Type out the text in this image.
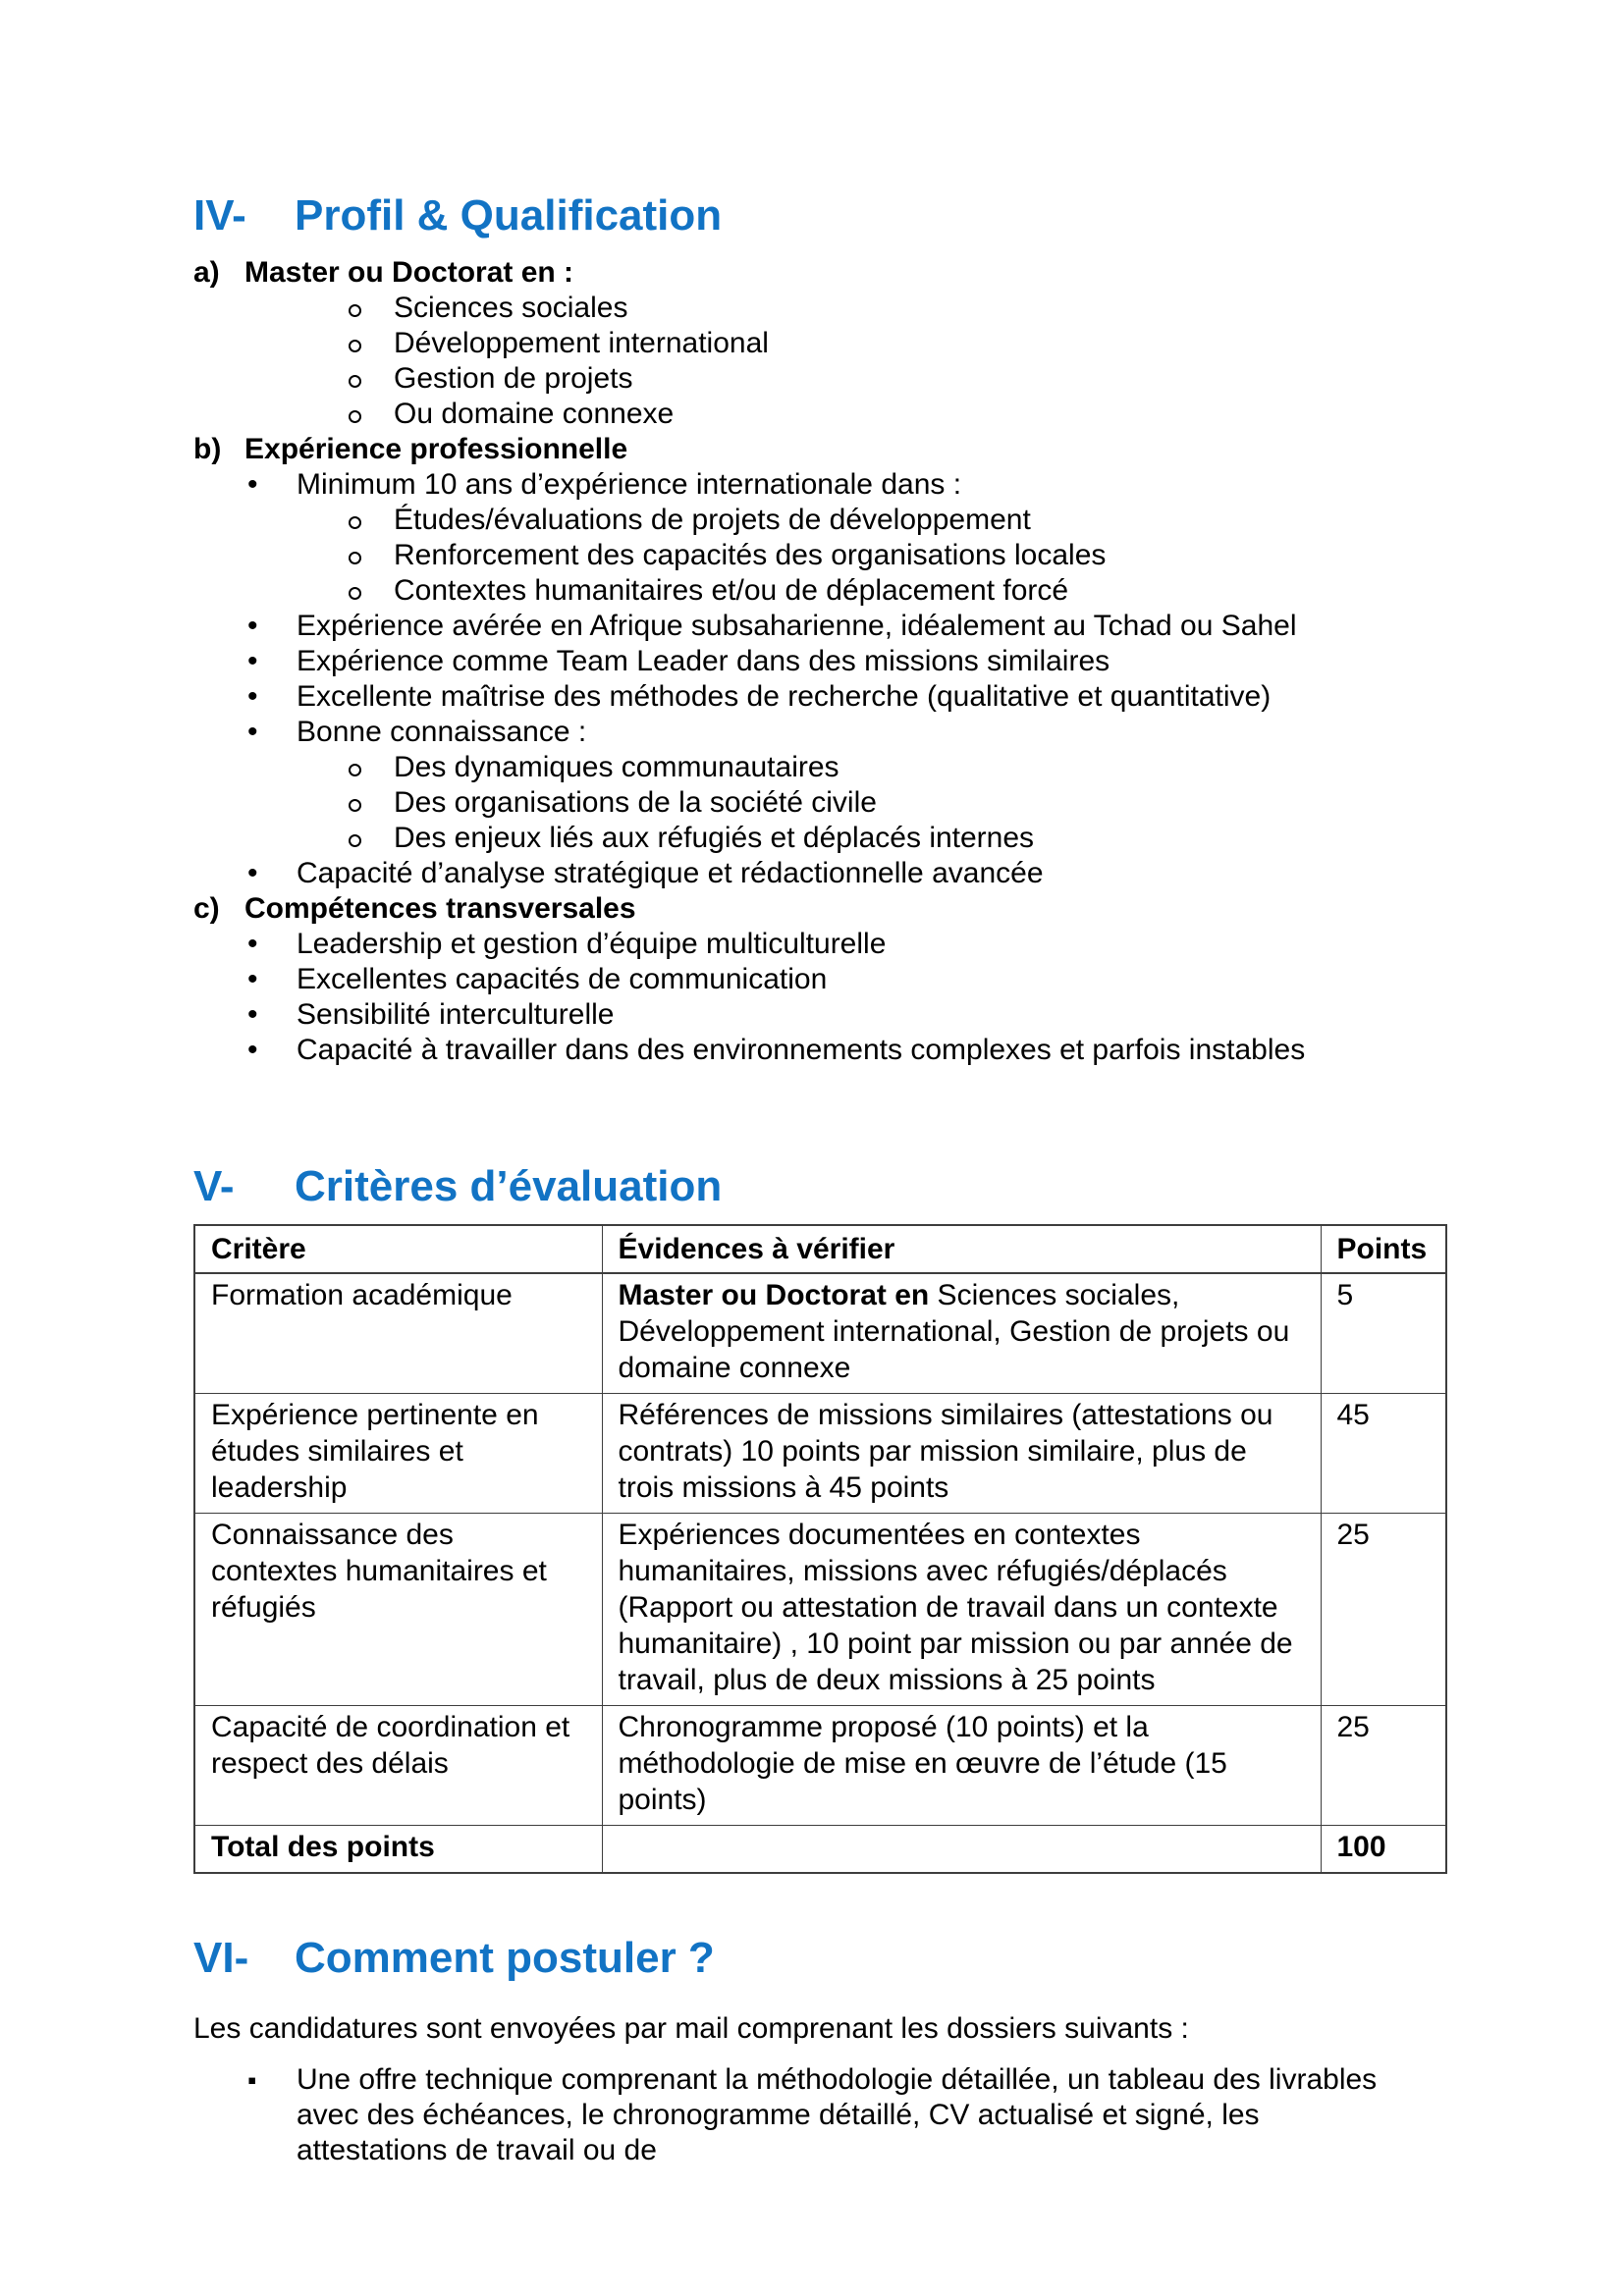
IV-	Profil & Qualification
a) Master ou Doctorat en :
Sciences sociales
Développement international
Gestion de projets
Ou domaine connexe
b) Expérience professionnelle
•	Minimum 10 ans d’expérience internationale dans :
Études/évaluations de projets de développement
Renforcement des capacités des organisations locales
Contextes humanitaires et/ou de déplacement forcé
•	Expérience avérée en Afrique subsaharienne, idéalement au Tchad ou Sahel
•	Expérience comme Team Leader dans des missions similaires
•	Excellente maîtrise des méthodes de recherche (qualitative et quantitative)
•	Bonne connaissance :
Des dynamiques communautaires
Des organisations de la société civile
Des enjeux liés aux réfugiés et déplacés internes
•	Capacité d’analyse stratégique et rédactionnelle avancée
c) Compétences transversales
•	Leadership et gestion d’équipe multiculturelle
•	Excellentes capacités de communication
•	Sensibilité interculturelle
•	Capacité à travailler dans des environnements complexes et parfois instables
V-	Critères d’évaluation
Critère	Évidences à vérifier	Points
Formation académique	Master ou Doctorat en Sciences sociales, Développement international, Gestion de projets ou domaine connexe	5
Expérience pertinente en études similaires et leadership	Références de missions similaires (attestations ou contrats) 10 points par mission similaire, plus de trois missions à 45 points	45
Connaissance des contextes humanitaires et réfugiés	Expériences documentées en contextes humanitaires, missions avec réfugiés/déplacés (Rapport ou attestation de travail dans un contexte humanitaire) , 10 point par mission ou par année de travail, plus de deux missions à 25 points	25
Capacité de coordination et respect des délais	Chronogramme proposé (10 points) et la méthodologie de mise en œuvre de l’étude (15 points)	25
Total des points		100
VI-	Comment postuler ?

Les candidatures sont envoyées par mail comprenant les dossiers suivants :

▪	Une offre technique comprenant la méthodologie détaillée, un tableau des livrables avec des échéances, le chronogramme détaillé, CV actualisé et signé, les attestations de travail ou de
